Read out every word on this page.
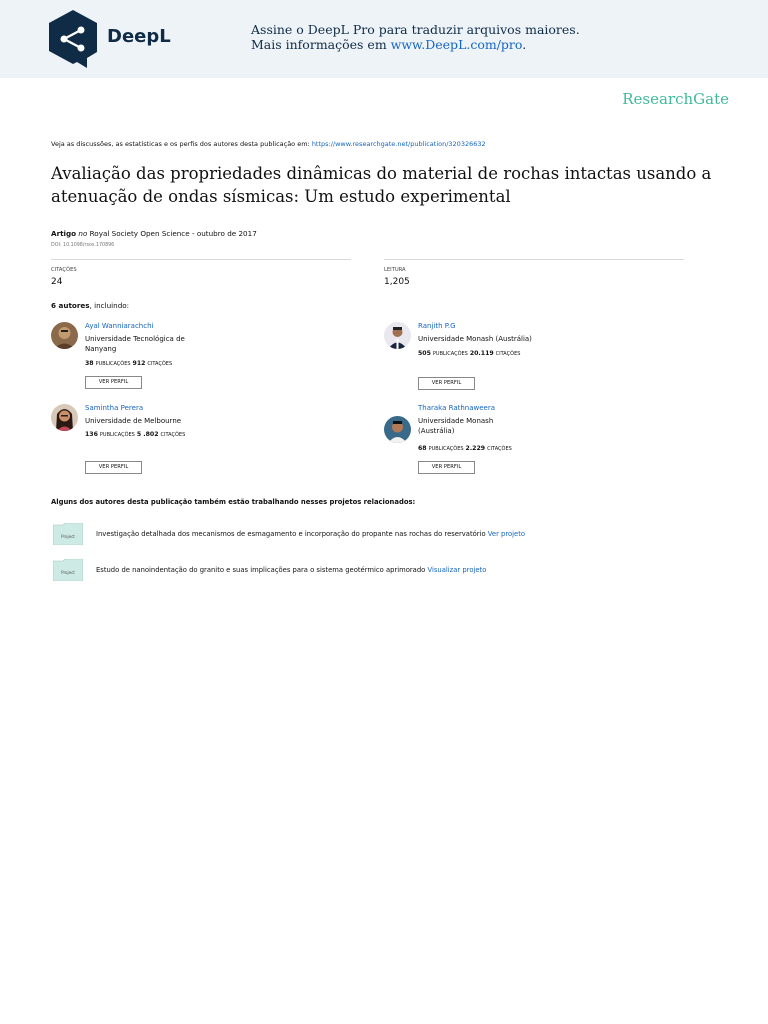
DeepL	Assine o DeepL Pro para traduzir arquivos maiores.
Mais informações em www.DeepL.com/pro.
ResearchGate
Veja as discussões, as estatísticas e os perfis dos autores desta publicação em: https://www.researchgate.net/publication/320326632
Avaliação das propriedades dinâmicas do material de rochas intactas usando a atenuação de ondas sísmicas: Um estudo experimental
Artigo no Royal Society Open Science - outubro de 2017
DOI: 10.1098/rsos.170896
CITAÇÕES
24
LEITURA
1,205
6 autores, incluindo:
Ayal Wanniarachchi
Universidade Tecnológica de Nanyang
38 PUBLICAÇÕES 912 CITAÇÕES
VER PERFIL
Ranjith P.G
Universidade Monash (Austrália)
505 PUBLICAÇÕES 20.119 CITAÇÕES
VER PERFIL
Samintha Perera
Universidade de Melbourne
136 PUBLICAÇÕES 5 .802 CITAÇÕES
VER PERFIL
Tharaka Rathnaweera
Universidade Monash (Austrália)
68 PUBLICAÇÕES 2.229 CITAÇÕES
VER PERFIL
Alguns dos autores desta publicação também estão trabalhando nesses projetos relacionados:
Project	Investigação detalhada dos mecanismos de esmagamento e incorporação do propante nas rochas do reservatório Ver projeto
Project	Estudo de nanoindentação do granito e suas implicações para o sistema geotérmico aprimorado Visualizar projeto
